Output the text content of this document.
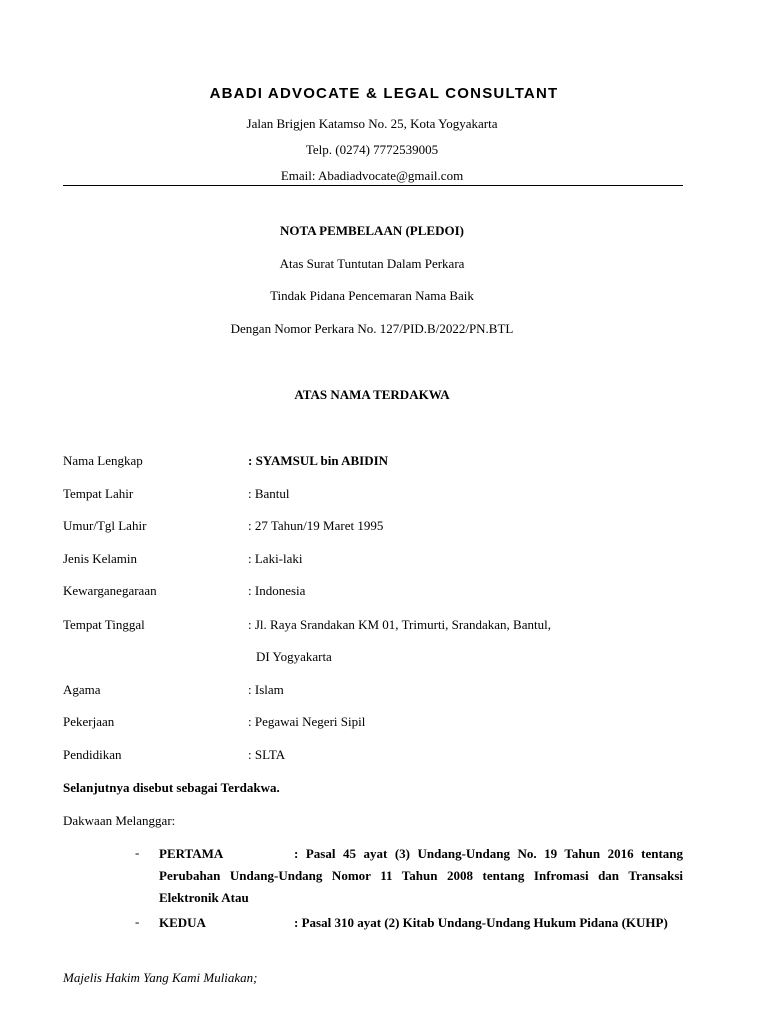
ABADI ADVOCATE & LEGAL CONSULTANT
Jalan Brigjen Katamso No. 25, Kota Yogyakarta
Telp. (0274) 7772539005
Email: Abadiadvocate@gmail.com
NOTA PEMBELAAN (PLEDOI)
Atas Surat Tuntutan Dalam Perkara
Tindak Pidana Pencemaran Nama Baik
Dengan Nomor Perkara No. 127/PID.B/2022/PN.BTL
ATAS NAMA TERDAKWA
Nama Lengkap	: SYAMSUL bin ABIDIN
Tempat Lahir	: Bantul
Umur/Tgl Lahir	: 27 Tahun/19 Maret 1995
Jenis Kelamin	: Laki-laki
Kewarganegaraan	: Indonesia
Tempat Tinggal	: Jl. Raya Srandakan KM 01, Trimurti, Srandakan, Bantul,
DI Yogyakarta
Agama	: Islam
Pekerjaan	: Pegawai Negeri Sipil
Pendidikan	: SLTA
Selanjutnya disebut sebagai Terdakwa.
Dakwaan Melanggar:
- PERTAMA	: Pasal 45 ayat (3) Undang-Undang No. 19 Tahun 2016 tentang Perubahan Undang-Undang Nomor 11 Tahun 2008 tentang Infromasi dan Transaksi Elektronik Atau
- KEDUA	: Pasal 310 ayat (2) Kitab Undang-Undang Hukum Pidana (KUHP)
Majelis Hakim Yang Kami Muliakan;
